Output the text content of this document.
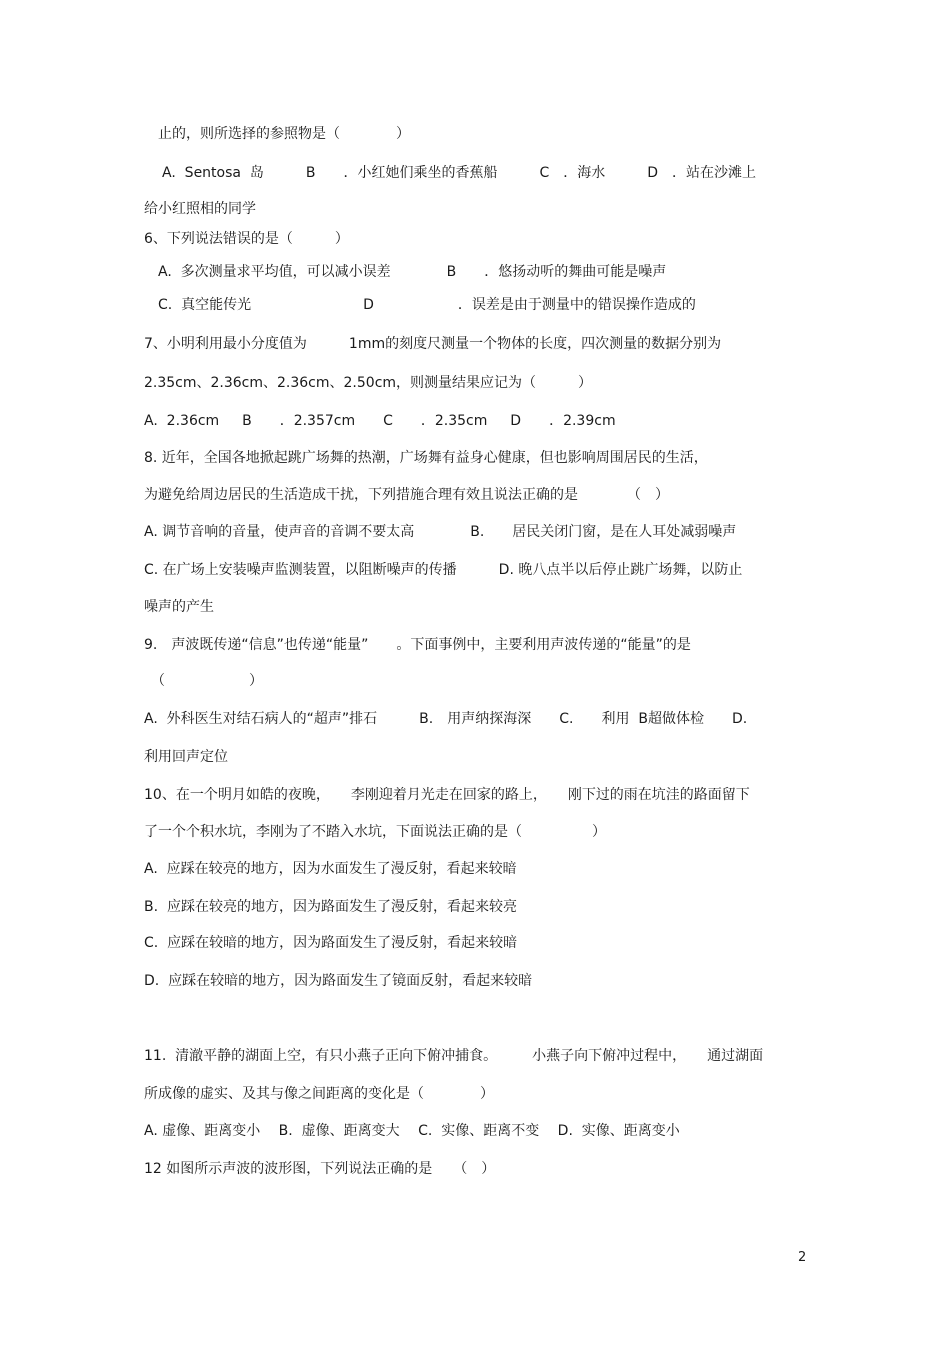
止的，则所选择的参照物是（　　　　）
A.  Sentosa  岛　　　B　　．小红她们乘坐的香蕉船　　　C　．海水　　　D　．站在沙滩上
给小红照相的同学
6、下列说法错误的是（　　　）
A.  多次测量求平均值，可以减小误差　　　　B　　．悠扬动听的舞曲可能是噪声
C.  真空能传光　　　　　　　　D　　　　　　．误差是由于测量中的错误操作造成的
7、小明利用最小分度值为　　　1mm的刻度尺测量一个物体的长度，四次测量的数据分别为
2.35cm、2.36cm、2.36cm、2.50cm，则测量结果应记为（　　　）
A.  2.36cm　  B　　．2.357cm　　C　　．2.35cm　  D　　．2.39cm
8. 近年，全国各地掀起跳广场舞的热潮，广场舞有益身心健康，但也影响周围居民的生活，
为避免给周边居民的生活造成干扰，下列措施合理有效且说法正确的是　　　　（　）
A. 调节音响的音量，使声音的音调不要太高　　　　B.　　居民关闭门窗，是在人耳处减弱噪声
C. 在广场上安装噪声监测装置，以阻断噪声的传播　　　D. 晚八点半以后停止跳广场舞，以防止
噪声的产生
9.　声波既传递“信息”也传递“能量”　　。下面事例中，主要利用声波传递的“能量”的是
（　　　　　　）
A.  外科医生对结石病人的“超声”排石　　　B.　用声纳探海深　　C.　　利用  B超做体检　　D.
利用回声定位
10、在一个明月如皓的夜晚，　　李刚迎着月光走在回家的路上，　　刚下过的雨在坑洼的路面留下
了一个个积水坑，李刚为了不踏入水坑，下面说法正确的是（　　　　　）
A.  应踩在较亮的地方，因为水面发生了漫反射，看起来较暗
B.  应踩在较亮的地方，因为路面发生了漫反射，看起来较亮
C.  应踩在较暗的地方，因为路面发生了漫反射，看起来较暗
D.  应踩在较暗的地方，因为路面发生了镜面反射，看起来较暗
11.  清澈平静的湖面上空，有只小燕子正向下俯冲捕食。　　　小燕子向下俯冲过程中，　　通过湖面
所成像的虚实、及其与像之间距离的变化是（　　　　）
A. 虚像、距离变小　 B.  虚像、距离变大　 C.  实像、距离不变　 D.  实像、距离变小
12 如图所示声波的波形图，下列说法正确的是　　（　）
2
